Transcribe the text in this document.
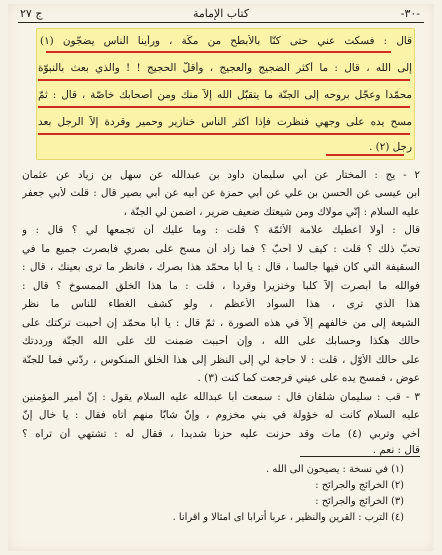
-٣٠-
كتاب الإمامة
ج ٢٧
قال : فسكت عني حتى كنّا بالأبطح من مكّة ، ورأينا الناس يضجّون (١)
إلى الله ، قال : ما أكثر الضجيج والعجيج ، وأقلّ الحجيج ! ! والذي بعث بالنبوّة
محمّداً وعجّل بروحه إلى الجنّة ما يتقبّل الله إلاّ منك ومن أصحابك خاصّة ، قال : ثمّ
مسح يده على وجهي فنظرت فإذا أكثر الناس خنازير وحمير وقردة إلاّ الرجل بعد
رجل (٢) .
٢ - يج : المختار عن أبي سليمان داود بن عبدالله عن سهل بن زياد عن عثمان
ابن عيسى عن الحسن بن علي عن أبي حمزة عن أبيه عن أبي بصير قال : قلت لأبي جعفر
عليه السلام : إنّي مولاك ومن شيعتك ضعيف ضرير ، اضمن لي الجنّة ،
قال : أولا اُعطيك علامة الأئمّة ؟ قلت : وما عليك أن تجمعها لي ؟ قال : و
تحبّ ذلك ؟ قلت : كيف لا اُحبّ ؟ فما زاد أن مسح على بصري فأبصرت جميع ما في
السقيفة الّتي كان فيها جالساً ، قال : يا أبا محمّد هذا بصرك ، فانظر ما ترى بعينك ، قال :
فوالله ما أبصرت إلاّ كلباً وخنزيراً وقرداً ، قلت : ما هذا الخلق الممسوخ ؟ قال :
هذا الّذي ترى ، هذا السواد الأعظم ، ولو كشف الغطاء للناس ما نظر
الشيعة إلى من خالفهم إلاّ في هذه الصورة ، ثمّ قال : يا أبا محمّد إن أحببت تركتك على
حالك هكذا وحسابك على الله ، وإن أحببت ضمنت لك على الله الجنّة ورددتك
على حالك الأوّل ، قلت : لا حاجة لي إلى النظر إلى هذا الخلق المنكوس ، ردّني فما للجنّة
عوض ، فمسح يده على عيني فرجعت كما كنت (٣) .
٣ - قب : سليمان شلقان قال : سمعت أبا عبدالله عليه السلام يقول : إنّ أمير المؤمنين
عليه السلام كانت له خؤولة في بني مخزوم ، وإنّ شابّاً منهم أتاه فقال : يا خال إنّ
أخي وتربي (٤) مات وقد حزنت عليه حزناً شديداً ، فقال له : تشتهي أن تراه ؟
قال : نعم .
(١) في نسخة : يصيحون الى الله .
(٢) الخرائج والجرائح :
(٣) الخرائج والجرائح :
(٤) الترب : القرين والنظير ، عربا أترابا اى امثالا و اقرانا .
